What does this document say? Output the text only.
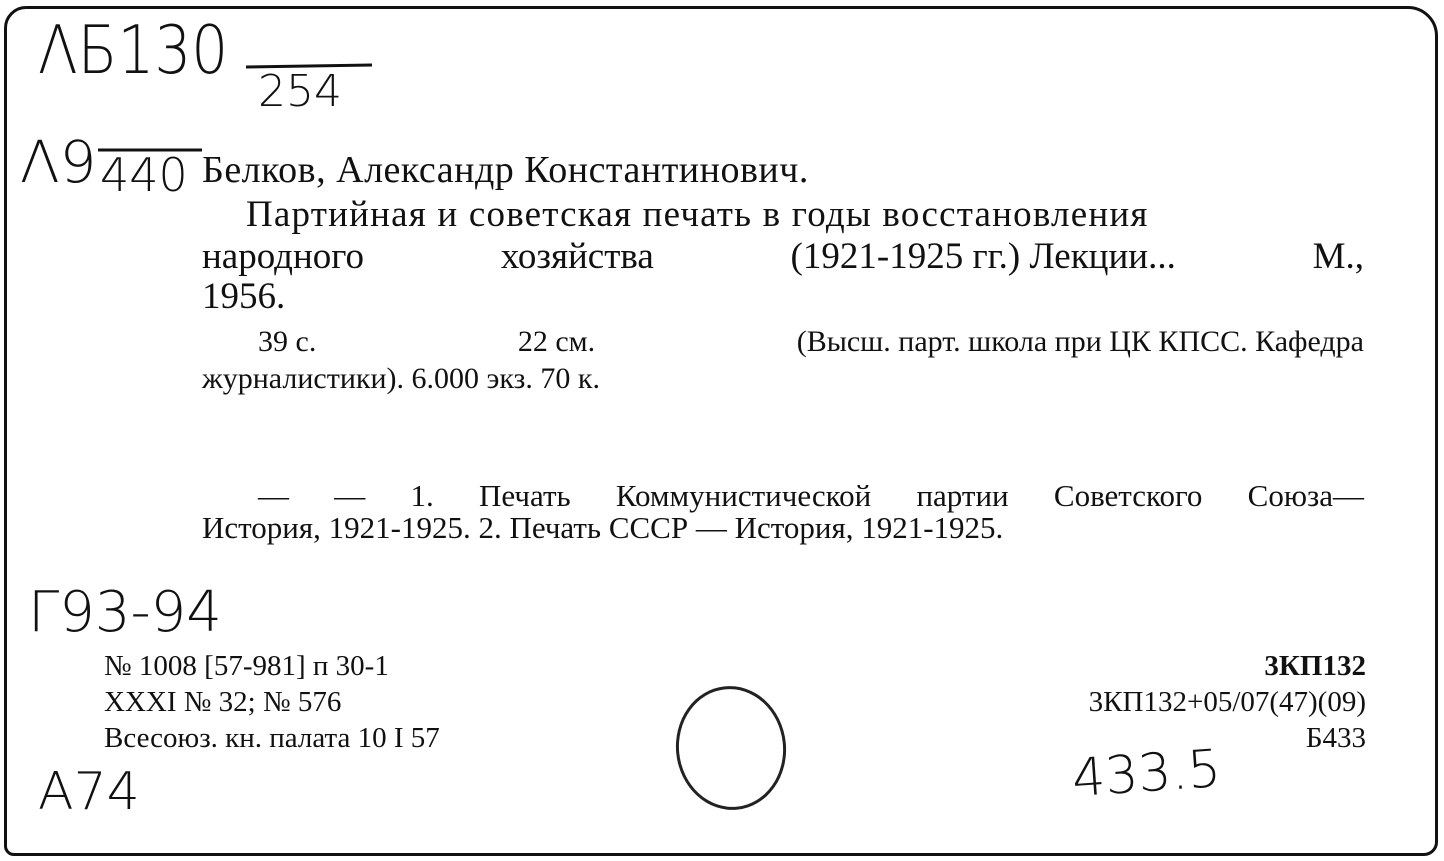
ΛБ130
254
Λ9 440 Белков, Александр Константинович.
Партийная и советская печать в годы восстановления
народного	хозяйства	(1921-1925 гг.) Лекции...	М.,
1956.
39 с.	22 см.	(Высш. парт. школа при ЦК КПСС. Кафедра
журналистики). 6.000 экз. 70 к.
— — 1. Печать Коммунистической партии Советского Союза—
История, 1921-1925. 2. Печать СССР — История, 1921-1925.
Г93-94
№ 1008 [57-981] п 30-1
XXXI № 32; № 576
Всесоюз. кн. палата 10 I 57
3КП132
3КП132+05/07(47)(09)
Б433
А74	433.5
